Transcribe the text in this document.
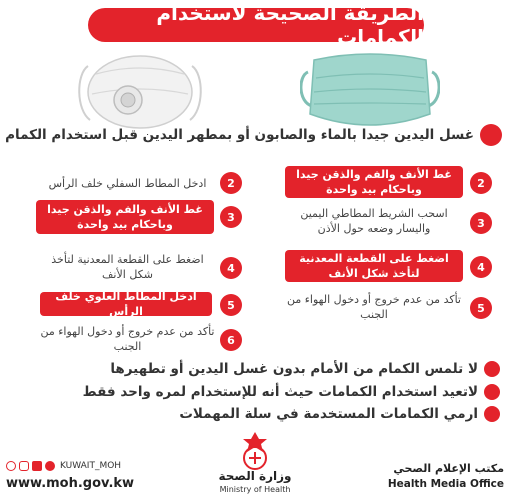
الطريقة الصحيحة لاستخدام الكمامات
غسل اليدين جيدا بالماء والصابون أو بمطهر اليدين قبل استخدام الكمام
2
غط الأنف والفم والذقن جيدا وباحكام بيد واحدة
3
اسحب الشريط المطاطي اليمين واليسار وضعه حول الأذن
4
اضغط على القطعة المعدنية لتأخذ شكل الأنف
5
تأكد من عدم خروج أو دخول الهواء من الجنب
2
ادخل المطاط السفلي خلف الرأس
3
غط الأنف والفم والذقن جيدا وباحكام بيد واحدة
4
اضغط على القطعة المعدنية لتأخذ شكل الأنف
5
ادخل المطاط العلوي خلف الرأس
6
تأكد من عدم خروج أو دخول الهواء من الجنب
لا تلمس الكمام من الأمام بدون غسل اليدين أو تطهيرها
لاتعيد استخدام الكمامات حيث أنه للإستخدام لمره واحد فقط
ارمي الكمامات المستخدمة في سلة المهملات
KUWAIT_MOH
www.moh.gov.kw	وزارة الصحة
Ministry of Health
مكتب الإعلام الصحي
Health Media Office
